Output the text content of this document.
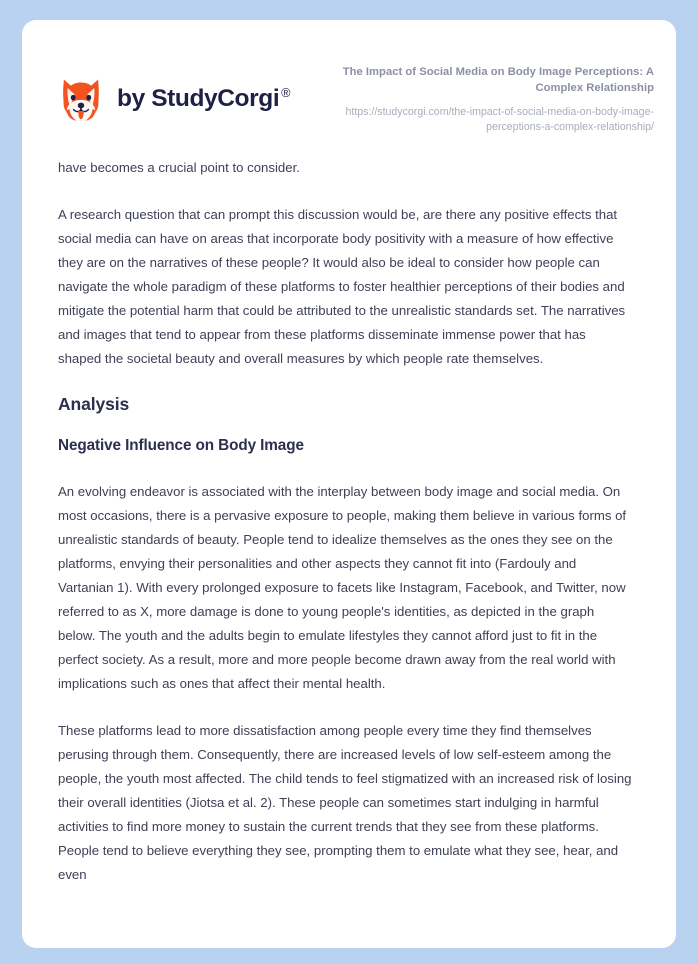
by StudyCorgi ®
The Impact of Social Media on Body Image Perceptions: A Complex Relationship
https://studycorgi.com/the-impact-of-social-media-on-body-image-perceptions-a-complex-relationship/

have becomes a crucial point to consider.

A research question that can prompt this discussion would be, are there any positive effects that social media can have on areas that incorporate body positivity with a measure of how effective they are on the narratives of these people? It would also be ideal to consider how people can navigate the whole paradigm of these platforms to foster healthier perceptions of their bodies and mitigate the potential harm that could be attributed to the unrealistic standards set. The narratives and images that tend to appear from these platforms disseminate immense power that has shaped the societal beauty and overall measures by which people rate themselves.

Analysis
Negative Influence on Body Image

An evolving endeavor is associated with the interplay between body image and social media. On most occasions, there is a pervasive exposure to people, making them believe in various forms of unrealistic standards of beauty. People tend to idealize themselves as the ones they see on the platforms, envying their personalities and other aspects they cannot fit into (Fardouly and Vartanian 1). With every prolonged exposure to facets like Instagram, Facebook, and Twitter, now referred to as X, more damage is done to young people's identities, as depicted in the graph below. The youth and the adults begin to emulate lifestyles they cannot afford just to fit in the perfect society. As a result, more and more people become drawn away from the real world with implications such as ones that affect their mental health.

These platforms lead to more dissatisfaction among people every time they find themselves perusing through them. Consequently, there are increased levels of low self-esteem among the people, the youth most affected. The child tends to feel stigmatized with an increased risk of losing their overall identities (Jiotsa et al. 2). These people can sometimes start indulging in harmful activities to find more money to sustain the current trends that they see from these platforms. People tend to believe everything they see, prompting them to emulate what they see, hear, and even
